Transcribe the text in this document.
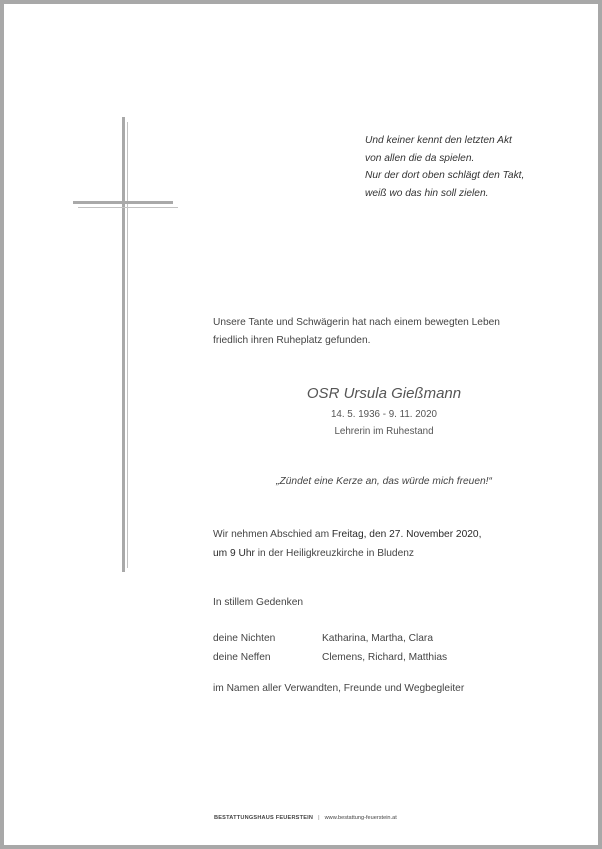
Und keiner kennt den letzten Akt
von allen die da spielen.
Nur der dort oben schlägt den Takt,
weiß wo das hin soll zielen.
Unsere Tante und Schwägerin hat nach einem bewegten Leben
friedlich ihren Ruheplatz gefunden.
OSR Ursula Gießmann
14. 5. 1936 - 9. 11. 2020
Lehrerin im Ruhestand
„Zündet eine Kerze an, das würde mich freuen!“
Wir nehmen Abschied am Freitag, den 27. November 2020,
um 9 Uhr in der Heiligkreuzkirche in Bludenz
In stillem Gedenken
deine Nichten	Katharina, Martha, Clara
deine Neffen	Clemens, Richard, Matthias
im Namen aller Verwandten, Freunde und Wegbegleiter
BESTATTUNGSHAUS FEUERSTEIN | www.bestattung-feuerstein.at
